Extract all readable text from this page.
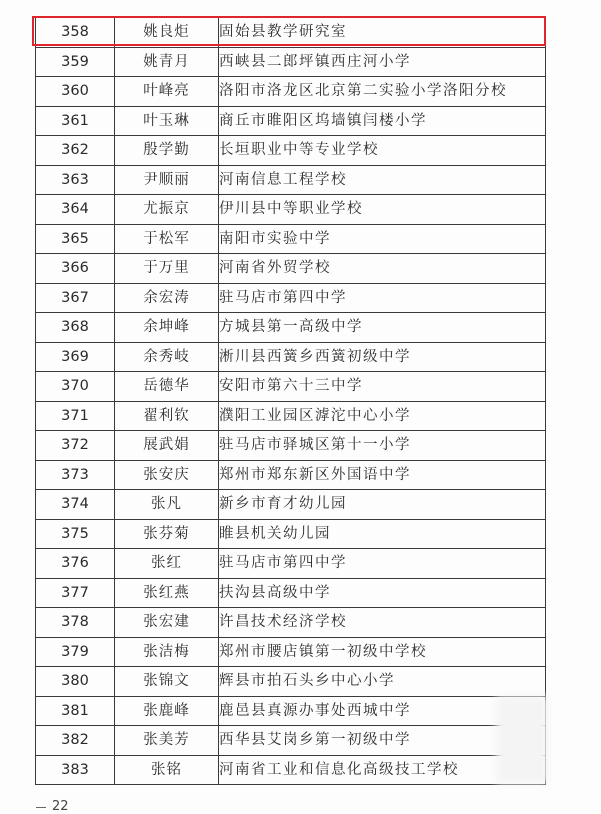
358	姚良炬	固始县教学研究室
359	姚青月	西峡县二郎坪镇西庄河小学
360	叶峰亮	洛阳市洛龙区北京第二实验小学洛阳分校
361	叶玉琳	商丘市睢阳区坞墙镇闫楼小学
362	殷学勤	长垣职业中等专业学校
363	尹顺丽	河南信息工程学校
364	尤振京	伊川县中等职业学校
365	于松军	南阳市实验中学
366	于万里	河南省外贸学校
367	余宏涛	驻马店市第四中学
368	余坤峰	方城县第一高级中学
369	余秀岐	淅川县西簧乡西簧初级中学
370	岳德华	安阳市第六十三中学
371	翟利钦	濮阳工业园区滹沱中心小学
372	展武娟	驻马店市驿城区第十一小学
373	张安庆	郑州市郑东新区外国语中学
374	张凡	新乡市育才幼儿园
375	张芬菊	睢县机关幼儿园
376	张红	驻马店市第四中学
377	张红燕	扶沟县高级中学
378	张宏建	许昌技术经济学校
379	张洁梅	郑州市腰店镇第一初级中学校
380	张锦文	辉县市拍石头乡中心小学
381	张鹿峰	鹿邑县真源办事处西城中学
382	张美芳	西华县艾岗乡第一初级中学
383	张铭	河南省工业和信息化高级技工学校
22
